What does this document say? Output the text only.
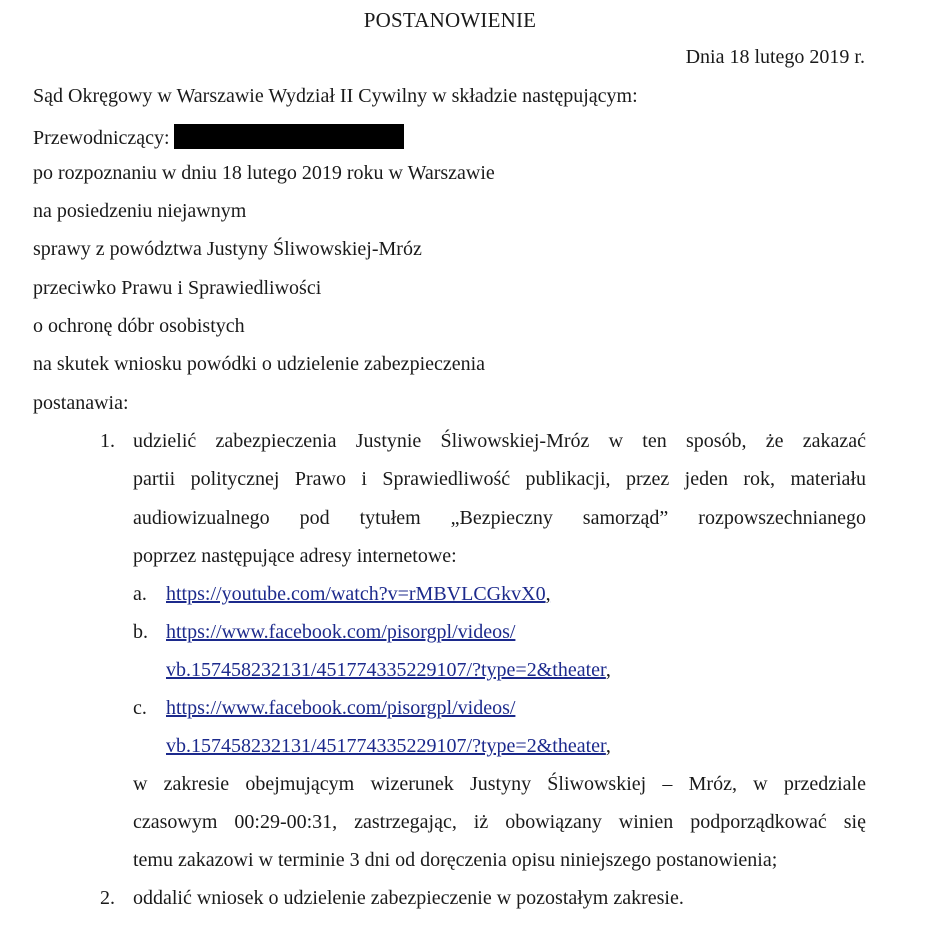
POSTANOWIENIE
Dnia 18 lutego 2019 r.
Sąd Okręgowy w Warszawie Wydział II Cywilny w składzie następującym:
Przewodniczący:
po rozpoznaniu w dniu 18 lutego 2019 roku w Warszawie
na posiedzeniu niejawnym
sprawy z powództwa Justyny Śliwowskiej-Mróz
przeciwko Prawu i Sprawiedliwości
o ochronę dóbr osobistych
na skutek wniosku powódki o udzielenie zabezpieczenia
postanawia:
1. udzielić zabezpieczenia Justynie Śliwowskiej-Mróz w ten sposób, że zakazać
partii politycznej Prawo i Sprawiedliwość publikacji, przez jeden rok, materiału
audiowizualnego pod tytułem „Bezpieczny samorząd” rozpowszechnianego
poprzez następujące adresy internetowe:
a. https://youtube.com/watch?v=rMBVLCGkvX0,
b. https://www.facebook.com/pisorgpl/videos/
vb.157458232131/451774335229107/?type=2&theater,
c. https://www.facebook.com/pisorgpl/videos/
vb.157458232131/451774335229107/?type=2&theater,
w zakresie obejmującym wizerunek Justyny Śliwowskiej – Mróz, w przedziale
czasowym 00:29-00:31, zastrzegając, iż obowiązany winien podporządkować się
temu zakazowi w terminie 3 dni od doręczenia opisu niniejszego postanowienia;
2. oddalić wniosek o udzielenie zabezpieczenie w pozostałym zakresie.
